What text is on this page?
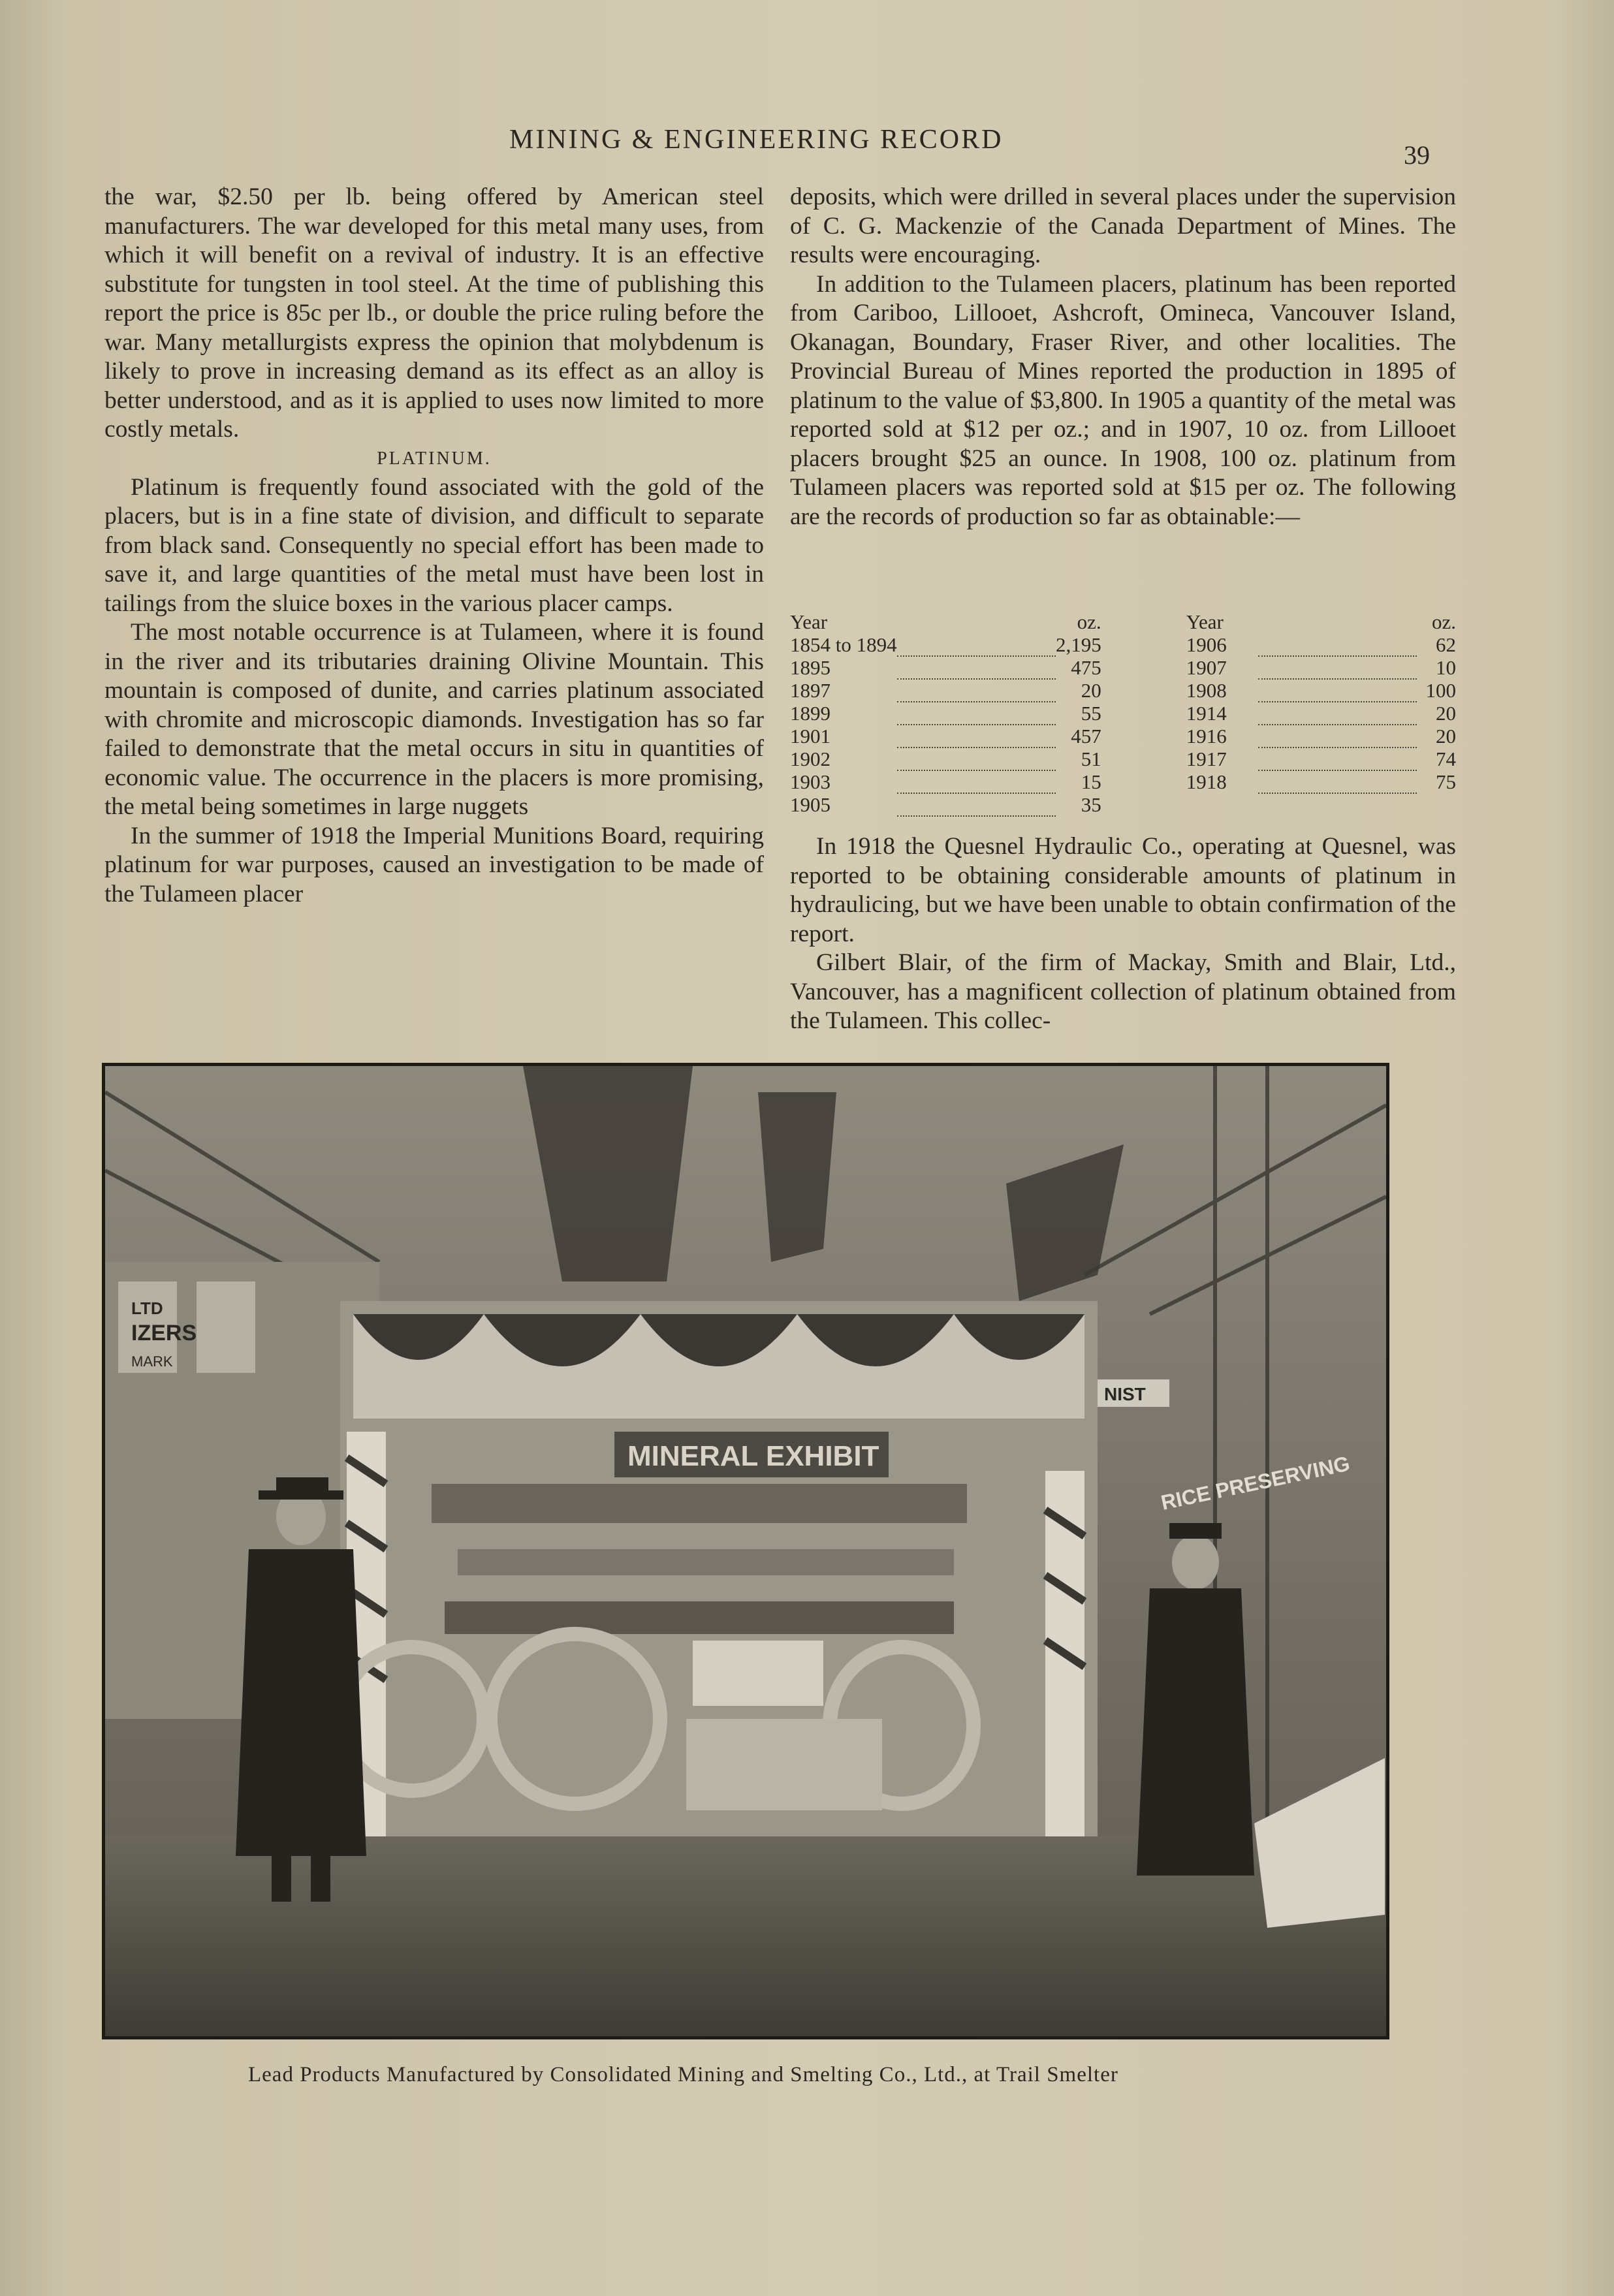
MINING & ENGINEERING RECORD
39

the war, $2.50 per lb. being offered by American steel manufacturers. The war developed for this metal many uses, from which it will benefit on a revival of industry. It is an effective substitute for tungsten in tool steel. At the time of publishing this report the price is 85c per lb., or double the price ruling before the war. Many metallurgists express the opinion that molybdenum is likely to prove in increasing demand as its effect as an alloy is better understood, and as it is applied to uses now limited to more costly metals.

PLATINUM.

Platinum is frequently found associated with the gold of the placers, but is in a fine state of division, and difficult to separate from black sand. Consequently no special effort has been made to save it, and large quantities of the metal must have been lost in tailings from the sluice boxes in the various placer camps.

The most notable occurrence is at Tulameen, where it is found in the river and its tributaries draining Olivine Mountain. This mountain is composed of dunite, and carries platinum associated with chromite and microscopic diamonds. Investigation has so far failed to demonstrate that the metal occurs in situ in quantities of economic value. The occurrence in the placers is more promising, the metal being sometimes in large nuggets

In the summer of 1918 the Imperial Munitions Board, requiring platinum for war purposes, caused an investigation to be made of the Tulameen placer

deposits, which were drilled in several places under the supervision of C. G. Mackenzie of the Canada Department of Mines. The results were encouraging.

In addition to the Tulameen placers, platinum has been reported from Cariboo, Lillooet, Ashcroft, Omineca, Vancouver Island, Okanagan, Boundary, Fraser River, and other localities. The Provincial Bureau of Mines reported the production in 1895 of platinum to the value of $3,800. In 1905 a quantity of the metal was reported sold at $12 per oz.; and in 1907, 10 oz. from Lillooet placers brought $25 an ounce. In 1908, 100 oz. platinum from Tulameen placers was reported sold at $15 per oz. The following are the records of production so far as obtainable:—

Year		oz.		Year		oz.
1854 to 1894		2,195		1906		62
1895		475		1907		10
1897		20		1908		100
1899		55		1914		20
1901		457		1916		20
1902		51		1917		74
1903		15		1918		75
1905		35				

In 1918 the Quesnel Hydraulic Co., operating at Quesnel, was reported to be obtaining considerable amounts of platinum in hydraulicing, but we have been unable to obtain confirmation of the report.

Gilbert Blair, of the firm of Mackay, Smith and Blair, Ltd., Vancouver, has a magnificent collection of platinum obtained from the Tulameen. This collec-

IZERS
LTD
MARK
MINERAL EXHIBIT
NIST
RICE PRESERVING
Lead Products Manufactured by Consolidated Mining and Smelting Co., Ltd., at Trail Smelter
